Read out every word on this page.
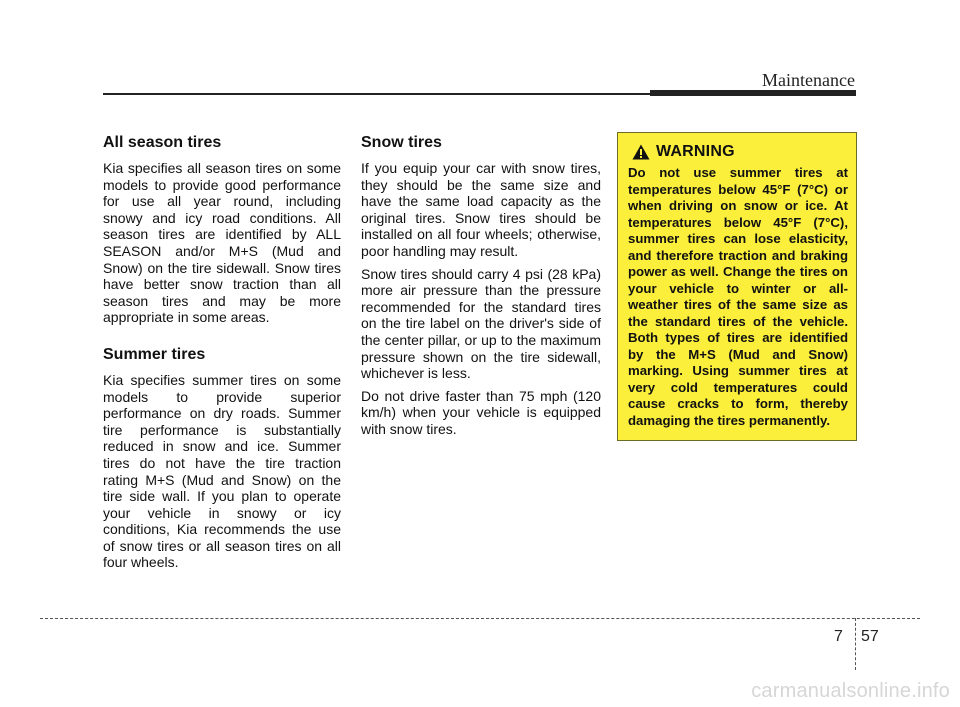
Maintenance
All season tires

Kia specifies all season tires on some models to provide good performance for use all year round, including snowy and icy road conditions. All season tires are identified by ALL SEASON and/or M+S (Mud and Snow) on the tire sidewall. Snow tires have better snow traction than all season tires and may be more appropriate in some areas.

Summer tires

Kia specifies summer tires on some models to provide superior performance on dry roads. Summer tire performance is substantially reduced in snow and ice. Summer tires do not have the tire traction rating M+S (Mud and Snow) on the tire side wall. If you plan to operate your vehicle in snowy or icy conditions, Kia recommends the use of snow tires or all season tires on all four wheels.

Snow tires

If you equip your car with snow tires, they should be the same size and have the same load capacity as the original tires. Snow tires should be installed on all four wheels; otherwise, poor handling may result.

Snow tires should carry 4 psi (28 kPa) more air pressure than the pressure recommended for the standard tires on the tire label on the driver's side of the center pillar, or up to the maximum pressure shown on the tire sidewall, whichever is less.

Do not drive faster than 75 mph (120 km/h) when your vehicle is equipped with snow tires.

WARNING

Do not use summer tires at temperatures below 45°F (7°C) or when driving on snow or ice. At temperatures below 45°F (7°C), summer tires can lose elasticity, and therefore traction and braking power as well. Change the tires on your vehicle to winter or all-weather tires of the same size as the standard tires of the vehicle. Both types of tires are identified by the M+S (Mud and Snow) marking. Using summer tires at very cold temperatures could cause cracks to form, thereby damaging the tires permanently.

7 57
carmanualsonline.info
